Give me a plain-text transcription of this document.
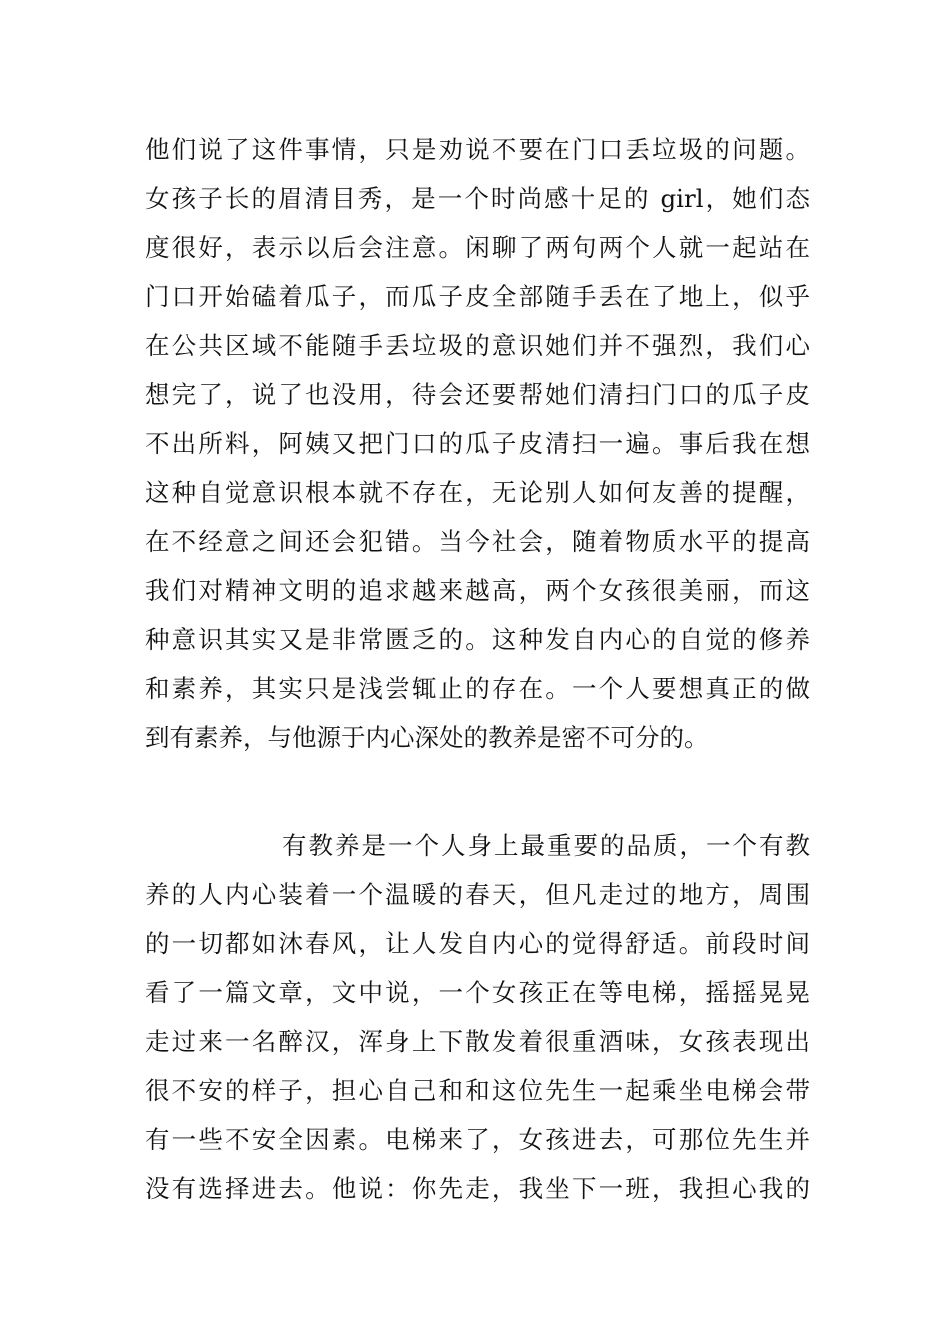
他们说了这件事情，只是劝说不要在门口丢垃圾的问题。
女孩子长的眉清目秀，是一个时尚感十足的 girl，她们态
度很好，表示以后会注意。闲聊了两句两个人就一起站在
门口开始磕着瓜子，而瓜子皮全部随手丢在了地上，似乎
在公共区域不能随手丢垃圾的意识她们并不强烈，我们心
想完了，说了也没用，待会还要帮她们清扫门口的瓜子皮
不出所料，阿姨又把门口的瓜子皮清扫一遍。事后我在想
这种自觉意识根本就不存在，无论别人如何友善的提醒，
在不经意之间还会犯错。当今社会，随着物质水平的提高
我们对精神文明的追求越来越高，两个女孩很美丽，而这
种意识其实又是非常匮乏的。这种发自内心的自觉的修养
和素养，其实只是浅尝辄止的存在。一个人要想真正的做
到有素养，与他源于内心深处的教养是密不可分的。
有教养是一个人身上最重要的品质，一个有教
养的人内心装着一个温暖的春天，但凡走过的地方，周围
的一切都如沐春风，让人发自内心的觉得舒适。前段时间
看了一篇文章，文中说，一个女孩正在等电梯，摇摇晃晃
走过来一名醉汉，浑身上下散发着很重酒味，女孩表现出
很不安的样子，担心自己和和这位先生一起乘坐电梯会带
有一些不安全因素。电梯来了，女孩进去，可那位先生并
没有选择进去。他说：你先走，我坐下一班，我担心我的
